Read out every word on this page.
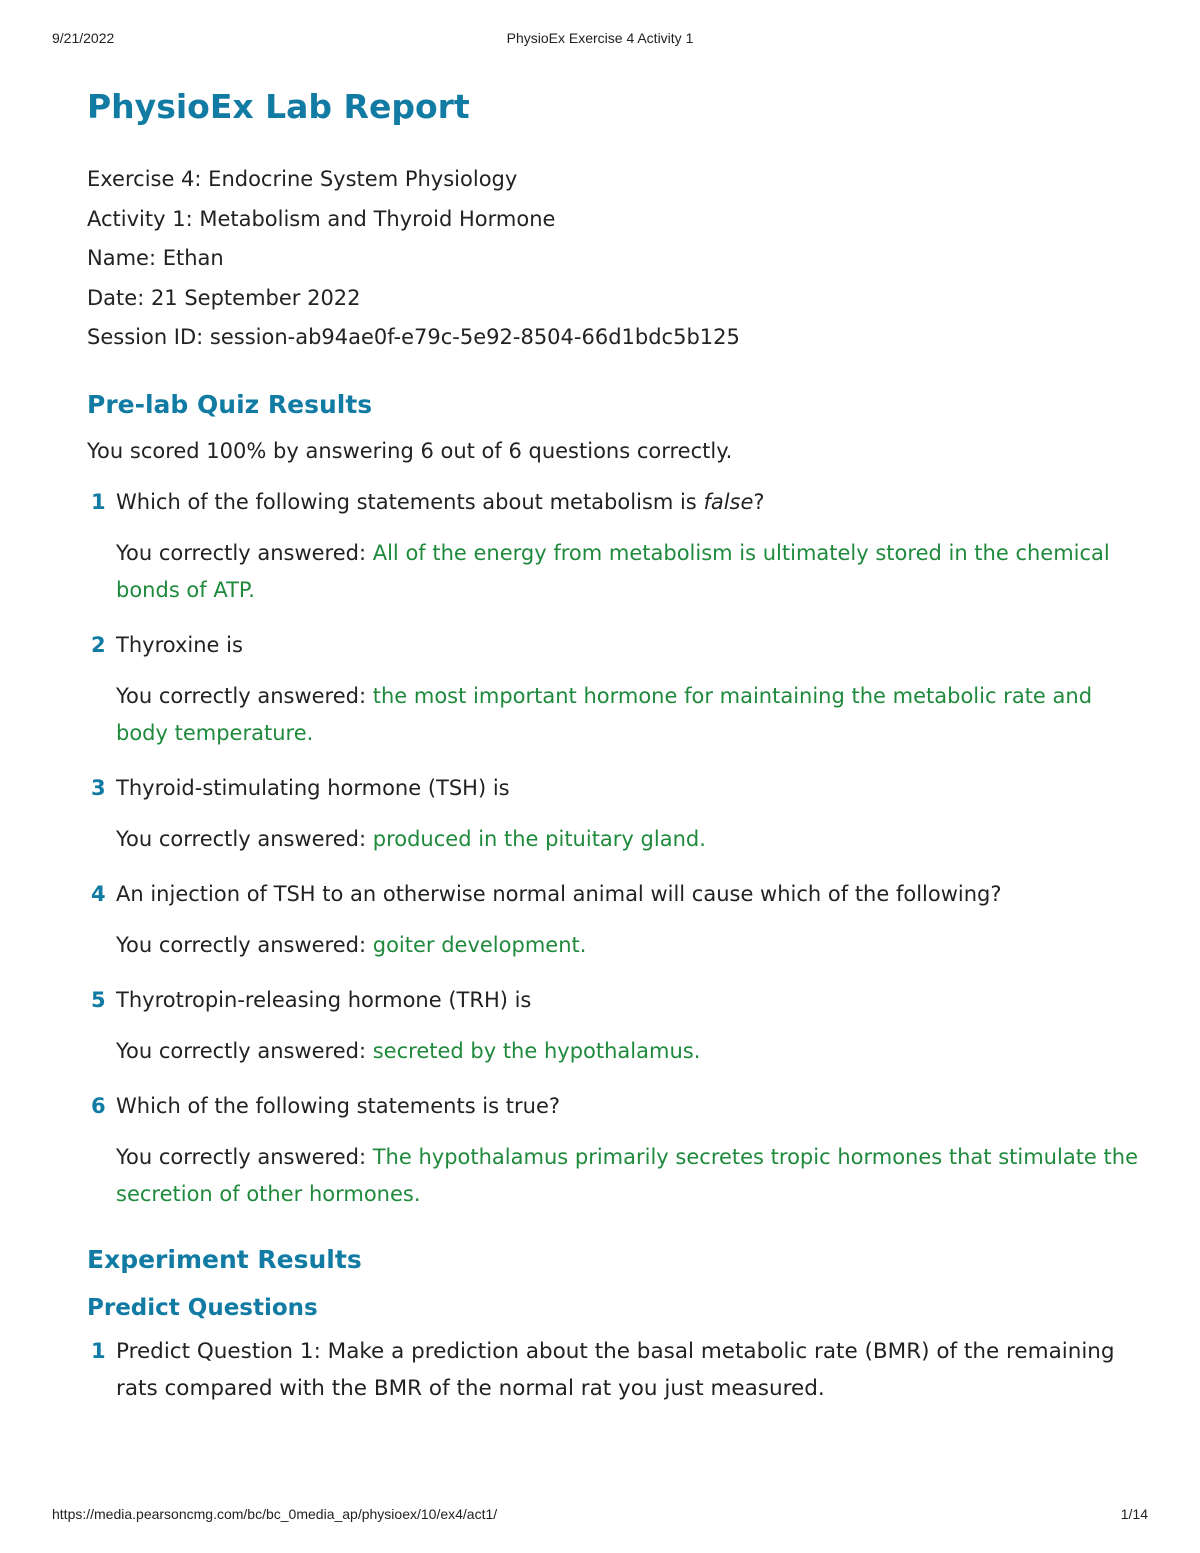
9/21/2022	PhysioEx Exercise 4 Activity 1
PhysioEx Lab Report

Exercise 4: Endocrine System Physiology

Activity 1: Metabolism and Thyroid Hormone

Name: Ethan

Date: 21 September 2022

Session ID: session-ab94ae0f-e79c-5e92-8504-66d1bdc5b125

Pre-lab Quiz Results

You scored 100% by answering 6 out of 6 questions correctly.

1 Which of the following statements about metabolism is false?
You correctly answered: All of the energy from metabolism is ultimately stored in the chemical bonds of ATP.
2 Thyroxine is
You correctly answered: the most important hormone for maintaining the metabolic rate and body temperature.
3 Thyroid-stimulating hormone (TSH) is
You correctly answered: produced in the pituitary gland.
4 An injection of TSH to an otherwise normal animal will cause which of the following?
You correctly answered: goiter development.
5 Thyrotropin-releasing hormone (TRH) is
You correctly answered: secreted by the hypothalamus.
6 Which of the following statements is true?
You correctly answered: The hypothalamus primarily secretes tropic hormones that stimulate the secretion of other hormones.
Experiment Results
Predict Questions
1 Predict Question 1: Make a prediction about the basal metabolic rate (BMR) of the remaining rats compared with the BMR of the normal rat you just measured.
https://media.pearsoncmg.com/bc/bc_0media_ap/physioex/10/ex4/act1/	1/14
